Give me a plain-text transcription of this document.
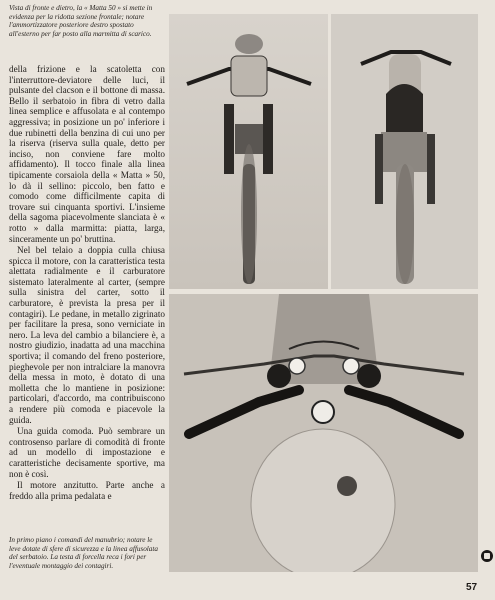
Vista di fronte e dietro, la « Matta 50 » si mette in evidenza per la ridotta sezione frontale; notare l'ammortizzatore posteriore destro spostato all'esterno per far posto alla marmitta di scarico.

della frizione e la scatoletta con l'interruttore-deviatore delle luci, il pulsante del clacson e il bottone di massa. Bello il serbatoio in fibra di vetro dalla linea semplice e affusolata e al contempo aggressiva; in posizione un po' inferiore i due rubinetti della benzina di cui uno per la riserva (riserva sulla quale, detto per inciso, non conviene fare molto affidamento). Il tocco finale alla linea tipicamente corsaiola della « Matta » 50, lo dà il sellino: piccolo, ben fatto e comodo come difficilmente capita di trovare sui cinquanta sportivi. L'insieme della sagoma piacevolmente slanciata è « rotto » dalla marmitta: piatta, larga, sinceramente un po' bruttina.

Nel bel telaio a doppia culla chiusa spicca il motore, con la caratteristica testa alettata radialmente e il carburatore sistemato lateralmente al carter, (sempre sulla sinistra del carter, sotto il carburatore, è prevista la presa per il contagiri). Le pedane, in metallo zigrinato per facilitare la presa, sono verniciate in nero. La leva del cambio a bilanciere è, a nostro giudizio, inadatta ad una macchina sportiva; il comando del freno posteriore, pieghevole per non intralciare la manovra della messa in moto, è dotato di una molletta che lo mantiene in posizione: particolari, d'accordo, ma contribuiscono a rendere più comoda e piacevole la guida.

Una guida comoda. Può sembrare un controsenso parlare di comodità di fronte ad un modello di impostazione e caratteristiche decisamente sportive, ma non è così.

Il motore anzitutto. Parte anche a freddo alla prima pedalata e

In primo piano i comandi del manubrio; notare le leve dotate di sfere di sicurezza e la linea affusolata del serbatoio. La testa di forcella reca i fori per l'eventuale montaggio dei contagiri.

57
